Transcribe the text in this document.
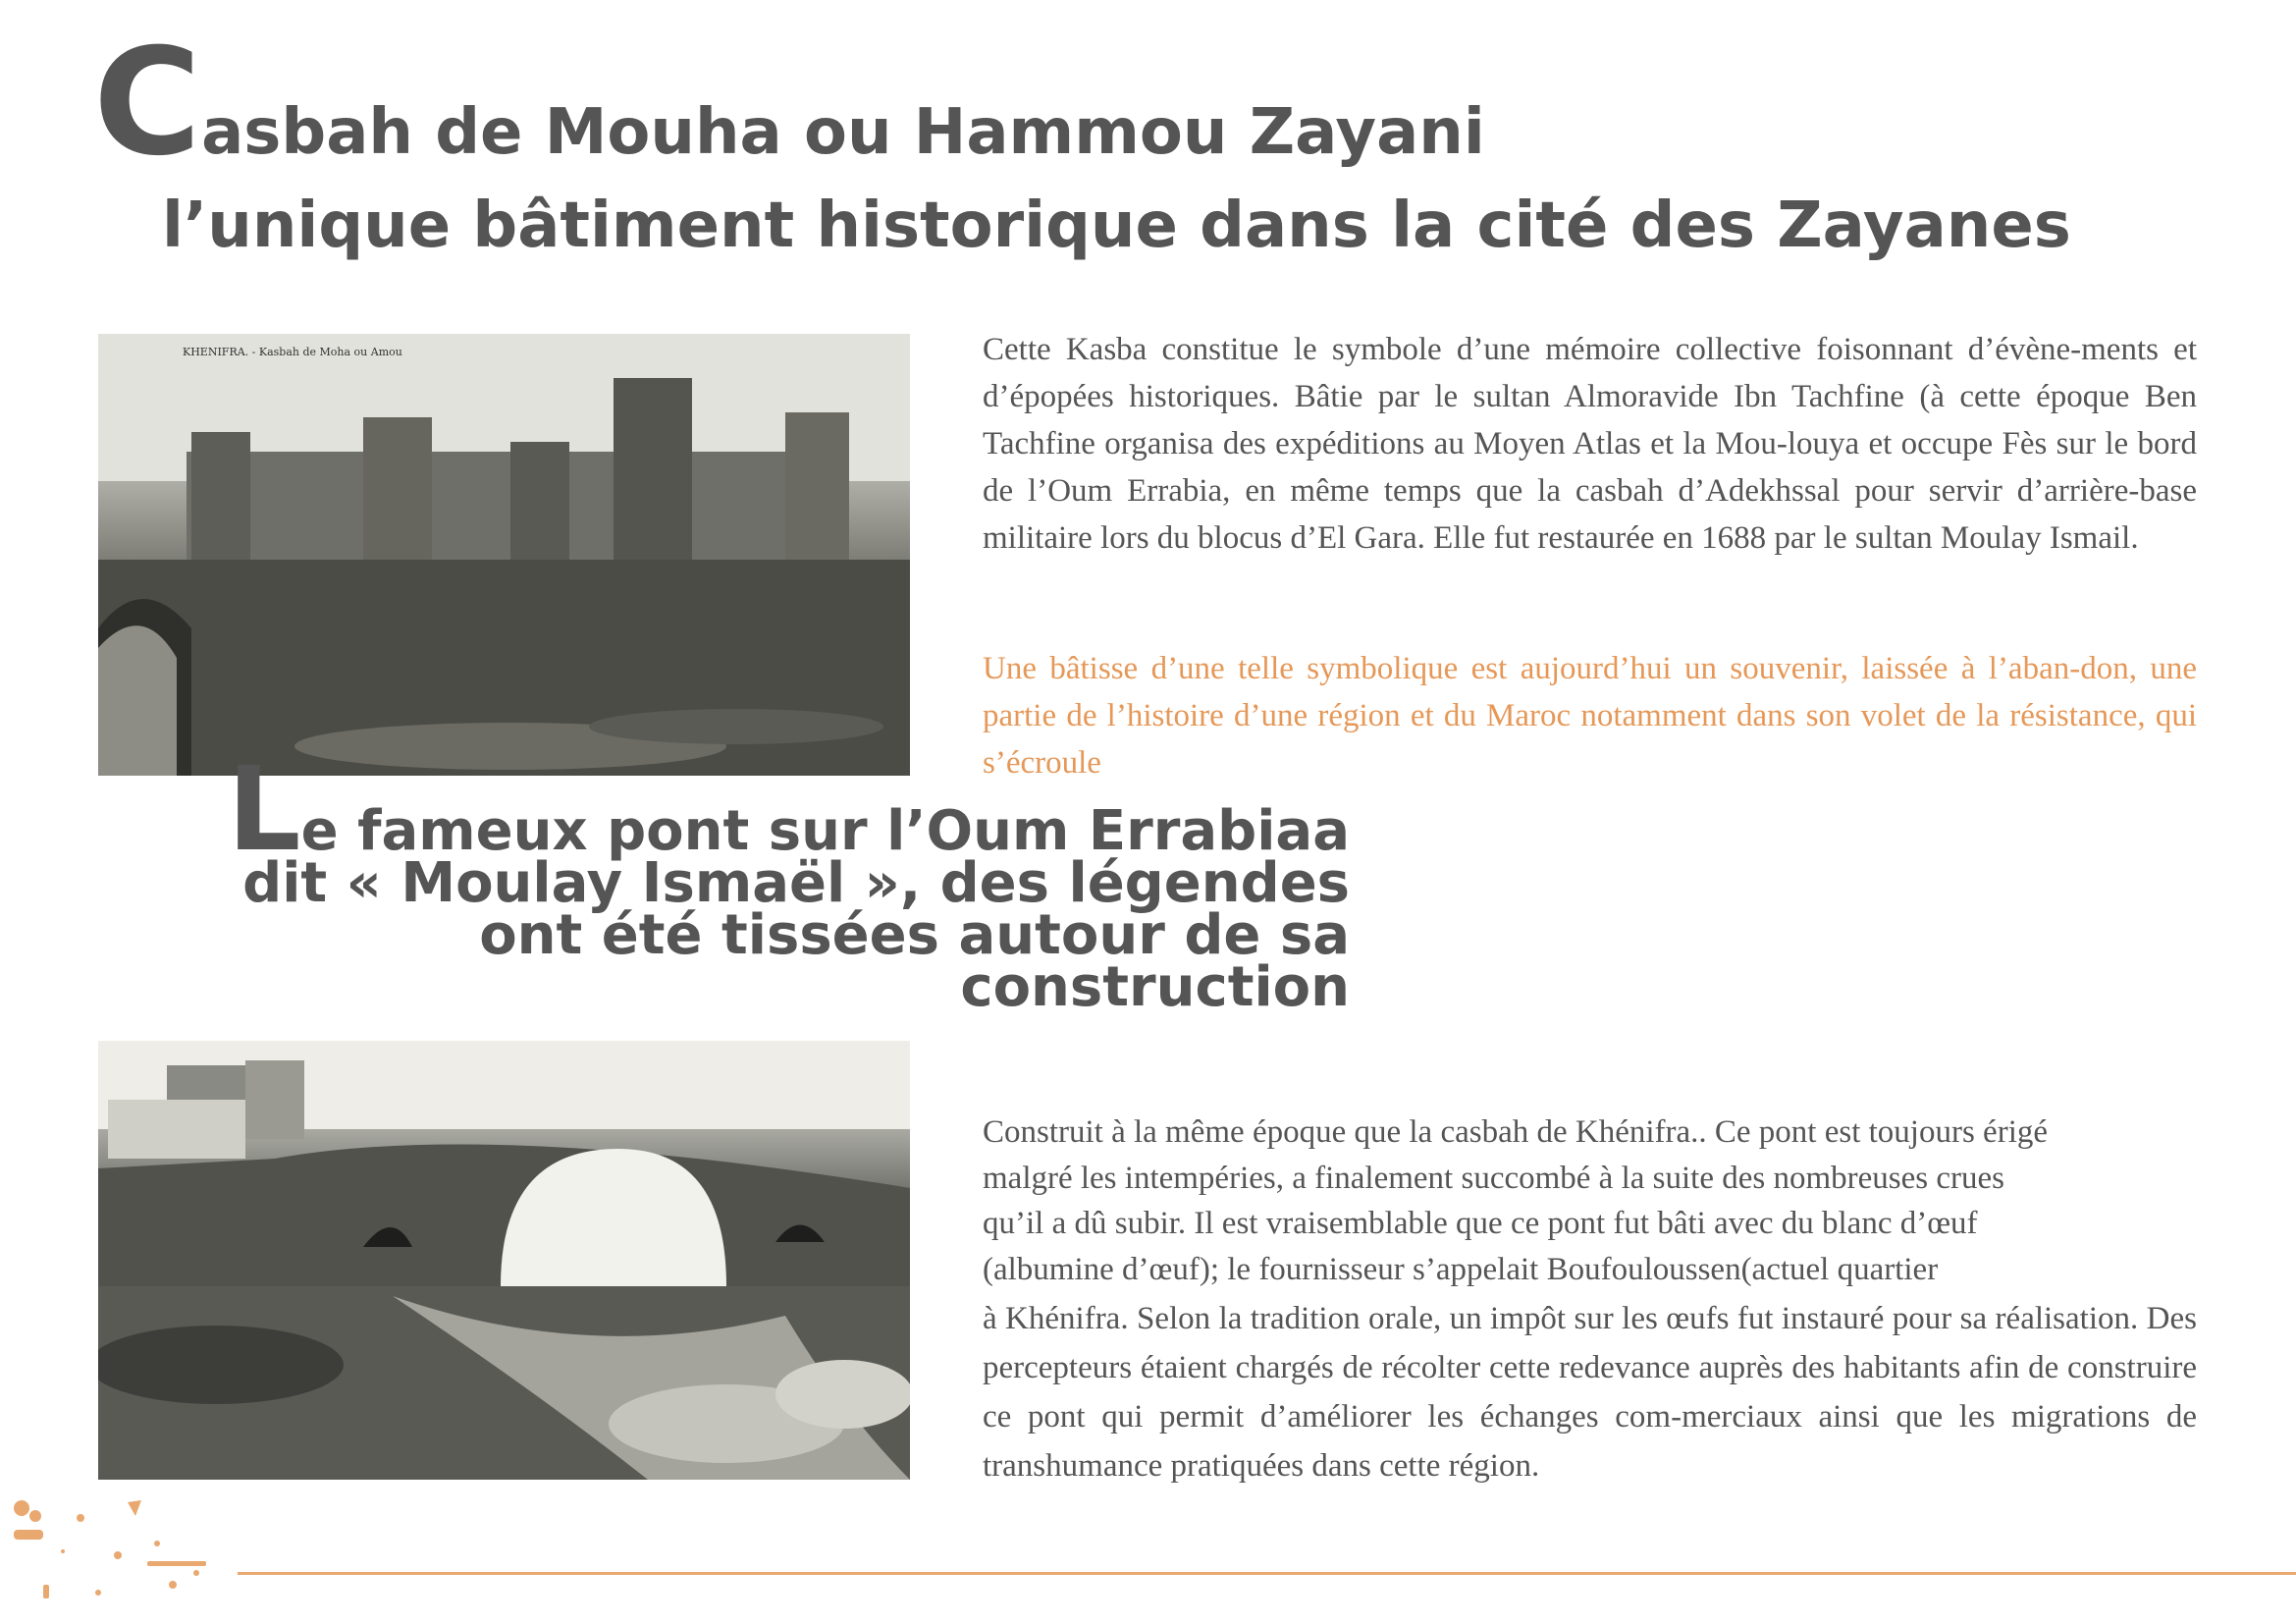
Casbah de Mouha ou Hammou Zayani
l’unique bâtiment historique dans la cité des Zayanes
KHENIFRA. - Kasbah de Moha ou Amou	Cette Kasba constitue le symbole d’une mémoire collective foisonnant d’évène-ments et d’épopées historiques. Bâtie par le sultan Almoravide Ibn Tachfine (à cette époque Ben Tachfine organisa des expéditions au Moyen Atlas et la Mou-louya et occupe Fès sur le bord de l’Oum Errabia, en même temps que la casbah d’Adekhssal pour servir d’arrière-base militaire lors du blocus d’El Gara. Elle fut restaurée en 1688 par le sultan Moulay Ismail.

Une bâtisse d’une telle symbolique est aujourd’hui un souvenir, laissée à l’aban-don, une partie de l’histoire d’une région et du Maroc notamment dans son volet de la résistance, qui s’écroule

Le fameux pont sur l’Oum Errabiaa
dit « Moulay Ismaël », des légendes
ont été tissées autour de sa
construction
Construit à la même époque que la casbah de Khénifra.. Ce pont est toujours érigé
malgré les intempéries, a finalement succombé à la suite des nombreuses crues
qu’il a dû subir. Il est vraisemblable que ce pont fut bâti avec du blanc d’œuf
(albumine d’œuf); le fournisseur s’appelait Boufouloussen(actuel quartier

à Khénifra. Selon la tradition orale, un impôt sur les œufs fut instauré pour sa réalisation. Des percepteurs étaient chargés de récolter cette redevance auprès des habitants afin de construire ce pont qui permit d’améliorer les échanges com-merciaux ainsi que les migrations de transhumance pratiquées dans cette région.
